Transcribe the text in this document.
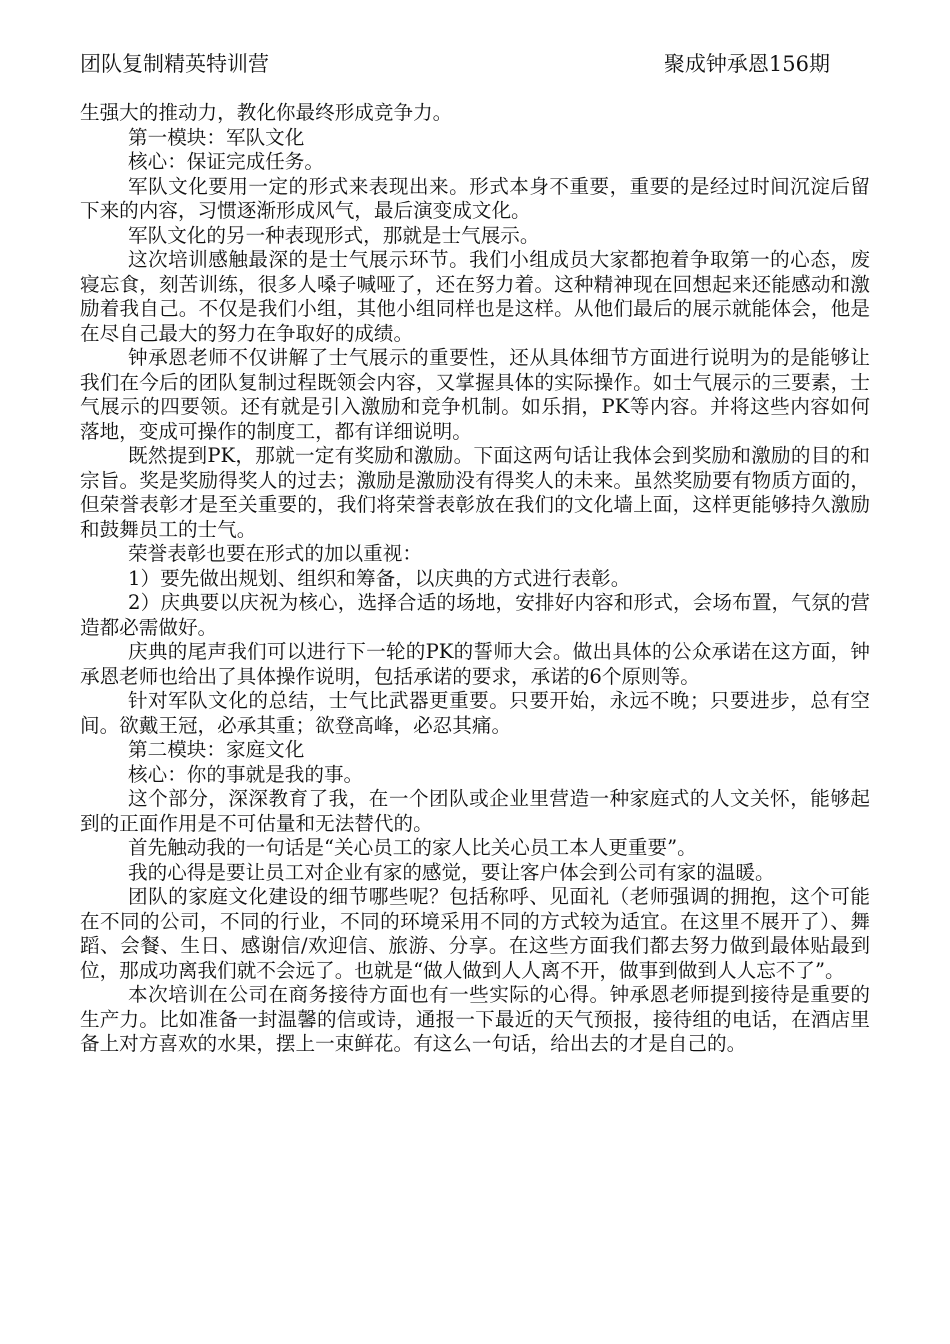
团队复制精英特训营	聚成钟承恩156期

生强大的推动力，教化你最终形成竞争力。

第一模块：军队文化

核心：保证完成任务。

军队文化要用一定的形式来表现出来。形式本身不重要，重要的是经过时间沉淀后留下来的内容，习惯逐渐形成风气，最后演变成文化。

军队文化的另一种表现形式，那就是士气展示。

这次培训感触最深的是士气展示环节。我们小组成员大家都抱着争取第一的心态，废寝忘食，刻苦训练，很多人嗓子喊哑了，还在努力着。这种精神现在回想起来还能感动和激励着我自己。不仅是我们小组，其他小组同样也是这样。从他们最后的展示就能体会，他是在尽自己最大的努力在争取好的成绩。

钟承恩老师不仅讲解了士气展示的重要性，还从具体细节方面进行说明为的是能够让我们在今后的团队复制过程既领会内容，又掌握具体的实际操作。如士气展示的三要素，士气展示的四要领。还有就是引入激励和竞争机制。如乐捐，PK等内容。并将这些内容如何落地，变成可操作的制度工，都有详细说明。

既然提到PK，那就一定有奖励和激励。下面这两句话让我体会到奖励和激励的目的和宗旨。奖是奖励得奖人的过去；激励是激励没有得奖人的未来。虽然奖励要有物质方面的，但荣誉表彰才是至关重要的，我们将荣誉表彰放在我们的文化墙上面，这样更能够持久激励和鼓舞员工的士气。

荣誉表彰也要在形式的加以重视：

1）要先做出规划、组织和筹备，以庆典的方式进行表彰。

2）庆典要以庆祝为核心，选择合适的场地，安排好内容和形式，会场布置，气氛的营造都必需做好。

庆典的尾声我们可以进行下一轮的PK的誓师大会。做出具体的公众承诺在这方面，钟承恩老师也给出了具体操作说明，包括承诺的要求，承诺的6个原则等。

针对军队文化的总结，士气比武器更重要。只要开始，永远不晚；只要进步，总有空间。欲戴王冠，必承其重；欲登高峰，必忍其痛。

第二模块：家庭文化

核心：你的事就是我的事。

这个部分，深深教育了我，在一个团队或企业里营造一种家庭式的人文关怀，能够起到的正面作用是不可估量和无法替代的。

首先触动我的一句话是“关心员工的家人比关心员工本人更重要”。

我的心得是要让员工对企业有家的感觉，要让客户体会到公司有家的温暖。

团队的家庭文化建设的细节哪些呢？包括称呼、见面礼（老师强调的拥抱，这个可能在不同的公司，不同的行业，不同的环境采用不同的方式较为适宜。在这里不展开了）、舞蹈、会餐、生日、感谢信/欢迎信、旅游、分享。在这些方面我们都去努力做到最体贴最到位，那成功离我们就不会远了。也就是“做人做到人人离不开，做事到做到人人忘不了”。

本次培训在公司在商务接待方面也有一些实际的心得。钟承恩老师提到接待是重要的生产力。比如准备一封温馨的信或诗，通报一下最近的天气预报，接待组的电话，在酒店里备上对方喜欢的水果，摆上一束鲜花。有这么一句话，给出去的才是自己的。
